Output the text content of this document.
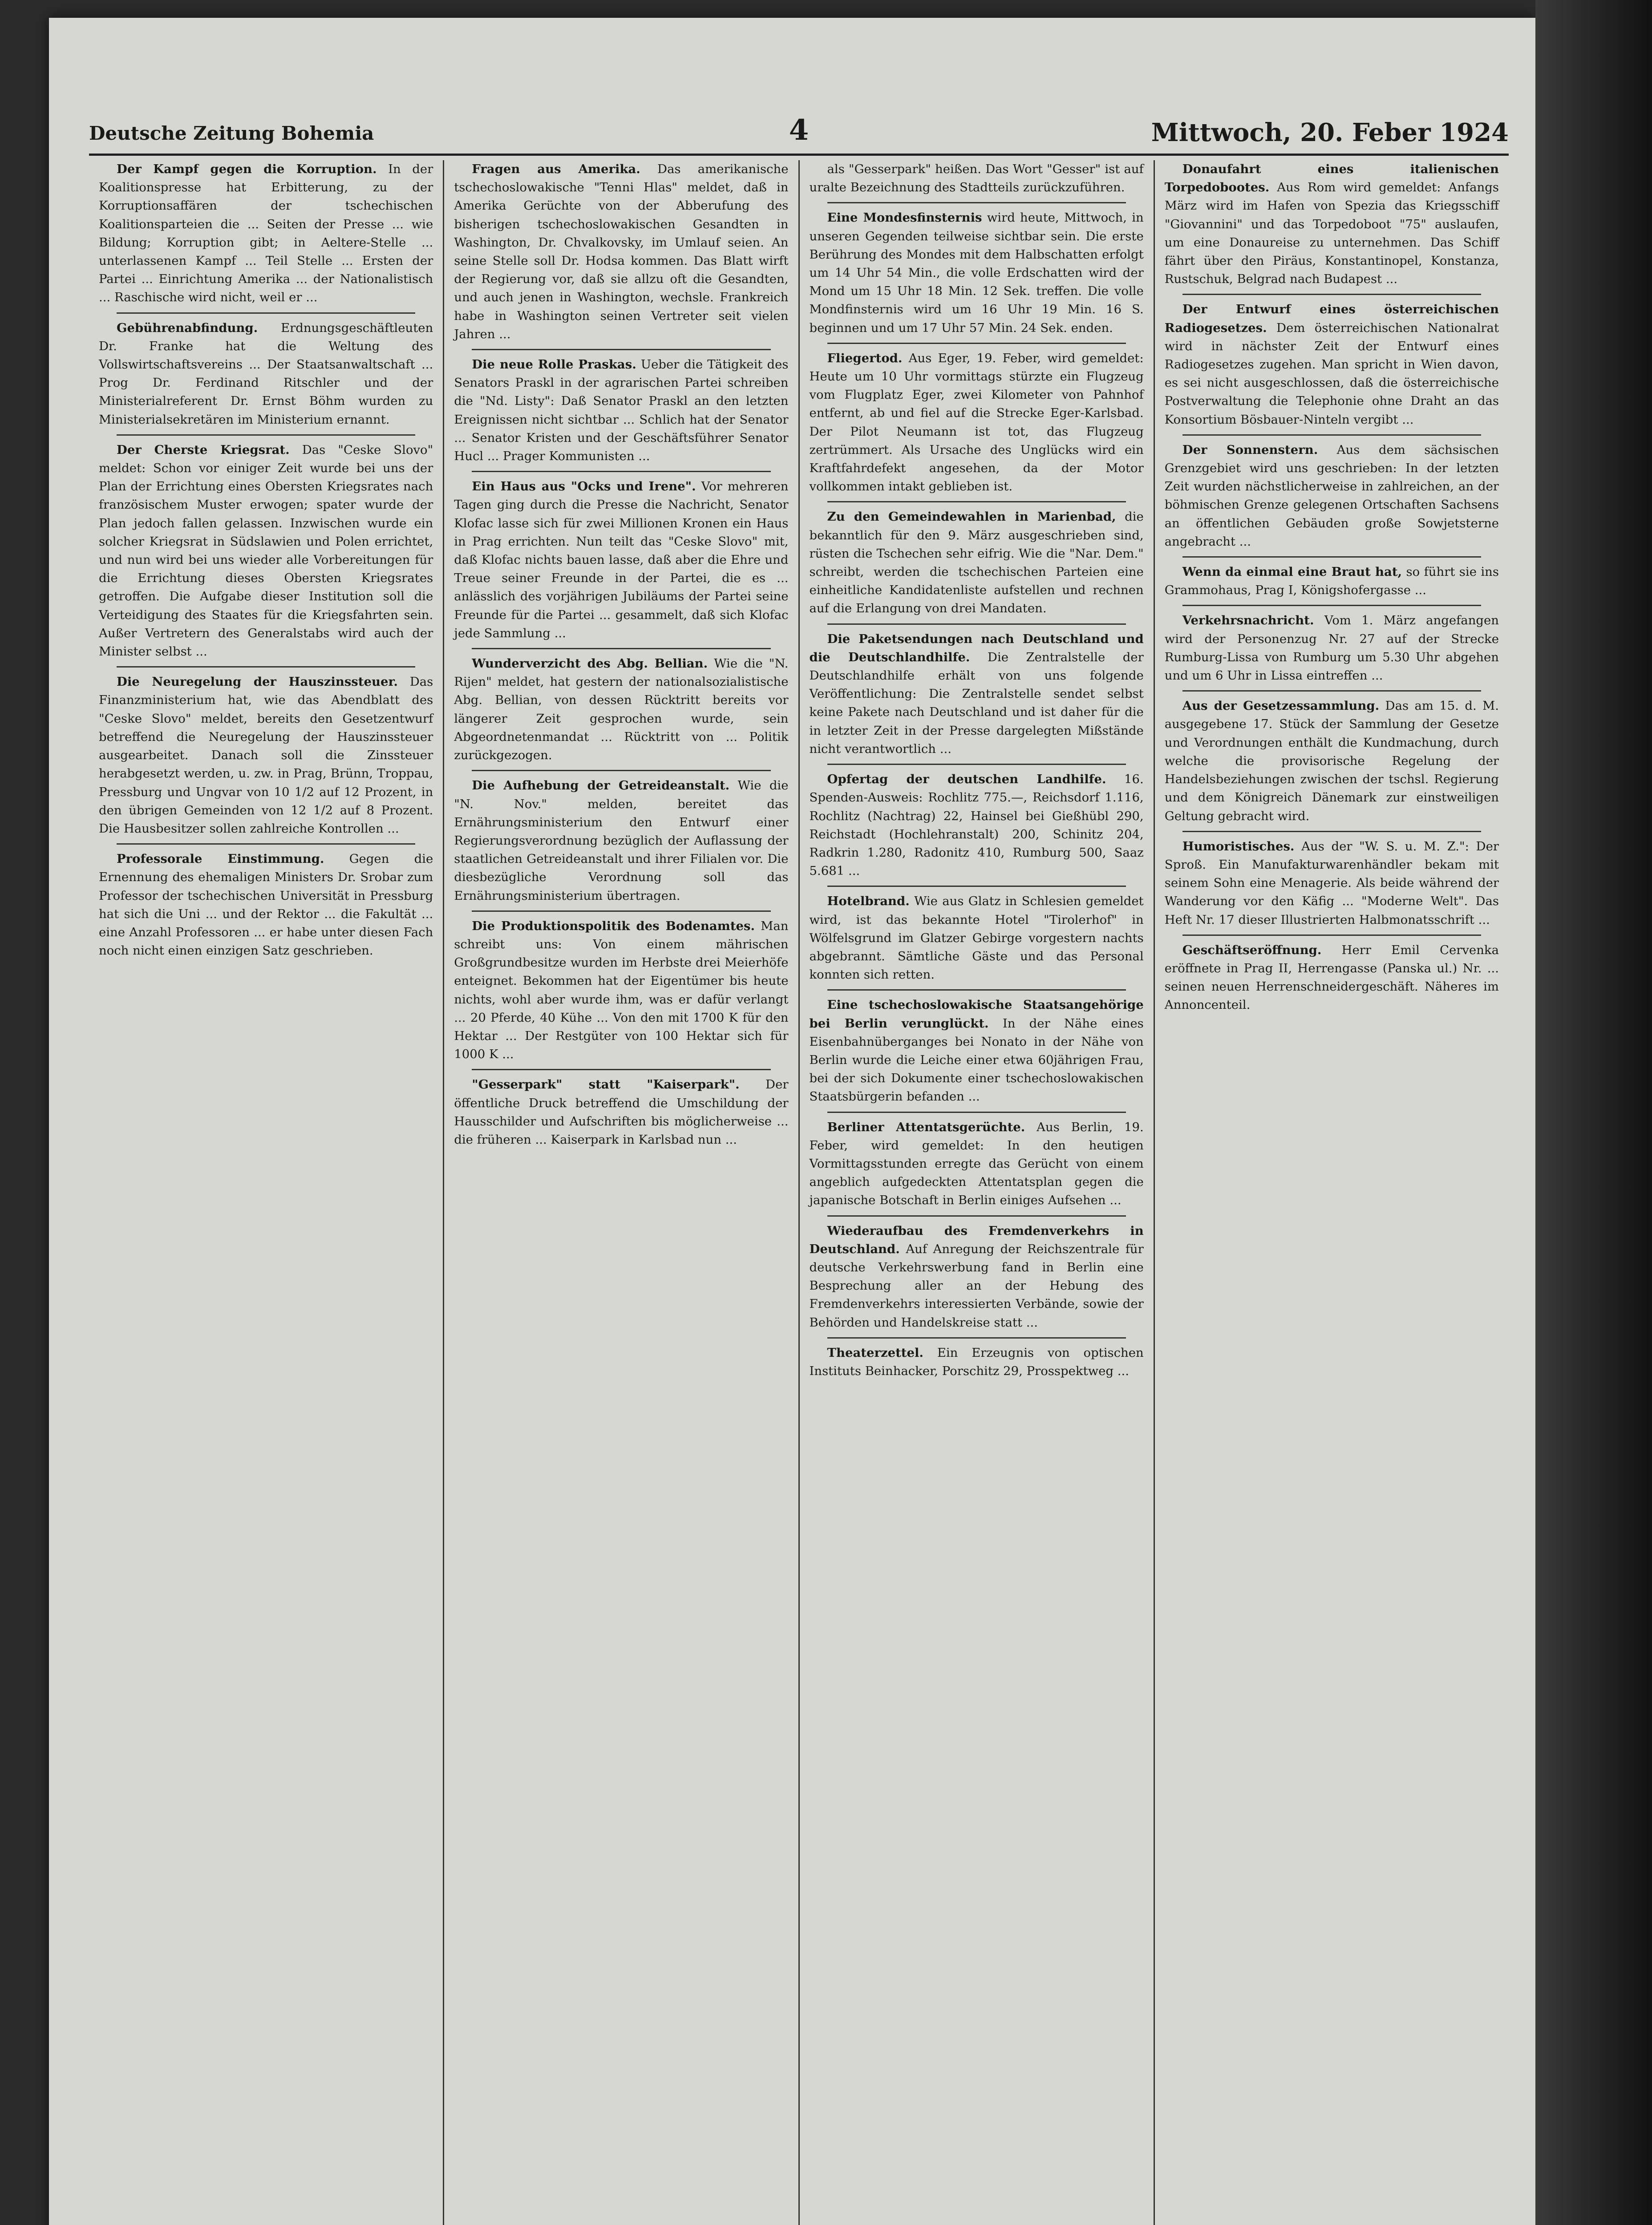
Deutsche Zeitung Bohemia	4	Mittwoch, 20. Feber 1924

Der Kampf gegen die Korruption. In der Koalitionspresse hat Erbitterung, zu der Korruptionsaffären der tschechischen Koalitionsparteien die ... Seiten der Presse ... wie Bildung; Korruption gibt; in Aeltere-Stelle ... unterlassenen Kampf ... Teil Stelle ... Ersten der Partei ... Einrichtung Amerika ... der Nationalistisch ... Raschische wird nicht, weil er ...

Gebührenabfindung. Erdnungsgeschäftleuten Dr. Franke hat die Weltung des Vollswirtschaftsvereins ... Der Staatsanwaltschaft ... Prog Dr. Ferdinand Ritschler und der Ministerialreferent Dr. Ernst Böhm wurden zu Ministerialsekretären im Ministerium ernannt.

Der Cherste Kriegsrat. Das "Ceske Slovo" meldet: Schon vor einiger Zeit wurde bei uns der Plan der Errichtung eines Obersten Kriegsrates nach französischem Muster erwogen; spater wurde der Plan jedoch fallen gelassen. Inzwischen wurde ein solcher Kriegsrat in Südslawien und Polen errichtet, und nun wird bei uns wieder alle Vorbereitungen für die Errichtung dieses Obersten Kriegsrates getroffen. Die Aufgabe dieser Institution soll die Verteidigung des Staates für die Kriegsfahrten sein. Außer Vertretern des Generalstabs wird auch der Minister selbst ...

Die Neuregelung der Hauszinssteuer. Das Finanzministerium hat, wie das Abendblatt des "Ceske Slovo" meldet, bereits den Gesetzentwurf betreffend die Neuregelung der Hauszinssteuer ausgearbeitet. Danach soll die Zinssteuer herabgesetzt werden, u. zw. in Prag, Brünn, Troppau, Pressburg und Ungvar von 10 1/2 auf 12 Prozent, in den übrigen Gemeinden von 12 1/2 auf 8 Prozent. Die Hausbesitzer sollen zahlreiche Kontrollen ...

Professorale Einstimmung. Gegen die Ernennung des ehemaligen Ministers Dr. Srobar zum Professor der tschechischen Universität in Pressburg hat sich die Uni ... und der Rektor ... die Fakultät ... eine Anzahl Professoren ... er habe unter diesen Fach noch nicht einen einzigen Satz geschrieben.

Fragen aus Amerika. Das amerikanische tschechoslowakische "Tenni Hlas" meldet, daß in Amerika Gerüchte von der Abberufung des bisherigen tschechoslowakischen Gesandten in Washington, Dr. Chvalkovsky, im Umlauf seien. An seine Stelle soll Dr. Hodsa kommen. Das Blatt wirft der Regierung vor, daß sie allzu oft die Gesandten, und auch jenen in Washington, wechsle. Frankreich habe in Washington seinen Vertreter seit vielen Jahren ...

Die neue Rolle Praskas. Ueber die Tätigkeit des Senators Praskl in der agrarischen Partei schreiben die "Nd. Listy": Daß Senator Praskl an den letzten Ereignissen nicht sichtbar ... Schlich hat der Senator ... Senator Kristen und der Geschäftsführer Senator Hucl ... Prager Kommunisten ...

Ein Haus aus "Ocks und Irene". Vor mehreren Tagen ging durch die Presse die Nachricht, Senator Klofac lasse sich für zwei Millionen Kronen ein Haus in Prag errichten. Nun teilt das "Ceske Slovo" mit, daß Klofac nichts bauen lasse, daß aber die Ehre und Treue seiner Freunde in der Partei, die es ... anlässlich des vorjährigen Jubiläums der Partei seine Freunde für die Partei ... gesammelt, daß sich Klofac jede Sammlung ...

Wunderverzicht des Abg. Bellian. Wie die "N. Rijen" meldet, hat gestern der nationalsozialistische Abg. Bellian, von dessen Rücktritt bereits vor längerer Zeit gesprochen wurde, sein Abgeordnetenmandat ... Rücktritt von ... Politik zurückgezogen.

Die Aufhebung der Getreideanstalt. Wie die "N. Nov." melden, bereitet das Ernährungsministerium den Entwurf einer Regierungsverordnung bezüglich der Auflassung der staatlichen Getreideanstalt und ihrer Filialen vor. Die diesbezügliche Verordnung soll das Ernährungsministerium übertragen.

Die Produktionspolitik des Bodenamtes. Man schreibt uns: Von einem mährischen Großgrundbesitze wurden im Herbste drei Meierhöfe enteignet. Bekommen hat der Eigentümer bis heute nichts, wohl aber wurde ihm, was er dafür verlangt ... 20 Pferde, 40 Kühe ... Von den mit 1700 K für den Hektar ... Der Restgüter von 100 Hektar sich für 1000 K ...

"Gesserpark" statt "Kaiserpark". Der öffentliche Druck betreffend die Umschildung der Hausschilder und Aufschriften bis möglicherweise ... die früheren ... Kaiserpark in Karlsbad nun ...

als "Gesserpark" heißen. Das Wort "Gesser" ist auf uralte Bezeichnung des Stadtteils zurückzuführen.

Eine Mondesfinsternis wird heute, Mittwoch, in unseren Gegenden teilweise sichtbar sein. Die erste Berührung des Mondes mit dem Halbschatten erfolgt um 14 Uhr 54 Min., die volle Erdschatten wird der Mond um 15 Uhr 18 Min. 12 Sek. treffen. Die volle Mondfinsternis wird um 16 Uhr 19 Min. 16 S. beginnen und um 17 Uhr 57 Min. 24 Sek. enden.

Fliegertod. Aus Eger, 19. Feber, wird gemeldet: Heute um 10 Uhr vormittags stürzte ein Flugzeug vom Flugplatz Eger, zwei Kilometer von Pahnhof entfernt, ab und fiel auf die Strecke Eger-Karlsbad. Der Pilot Neumann ist tot, das Flugzeug zertrümmert. Als Ursache des Unglücks wird ein Kraftfahrdefekt angesehen, da der Motor vollkommen intakt geblieben ist.

Zu den Gemeindewahlen in Marienbad, die bekanntlich für den 9. März ausgeschrieben sind, rüsten die Tschechen sehr eifrig. Wie die "Nar. Dem." schreibt, werden die tschechischen Parteien eine einheitliche Kandidatenliste aufstellen und rechnen auf die Erlangung von drei Mandaten.

Die Paketsendungen nach Deutschland und die Deutschlandhilfe. Die Zentralstelle der Deutschlandhilfe erhält von uns folgende Veröffentlichung: Die Zentralstelle sendet selbst keine Pakete nach Deutschland und ist daher für die in letzter Zeit in der Presse dargelegten Mißstände nicht verantwortlich ...

Opfertag der deutschen Landhilfe. 16. Spenden-Ausweis: Rochlitz 775.—, Reichsdorf 1.116, Rochlitz (Nachtrag) 22, Hainsel bei Gießhübl 290, Reichstadt (Hochlehranstalt) 200, Schinitz 204, Radkrin 1.280, Radonitz 410, Rumburg 500, Saaz 5.681 ...

Hotelbrand. Wie aus Glatz in Schlesien gemeldet wird, ist das bekannte Hotel "Tirolerhof" in Wölfelsgrund im Glatzer Gebirge vorgestern nachts abgebrannt. Sämtliche Gäste und das Personal konnten sich retten.

Eine tschechoslowakische Staatsangehörige bei Berlin verunglückt. In der Nähe eines Eisenbahnüberganges bei Nonato in der Nähe von Berlin wurde die Leiche einer etwa 60jährigen Frau, bei der sich Dokumente einer tschechoslowakischen Staatsbürgerin befanden ...

Berliner Attentatsgerüchte. Aus Berlin, 19. Feber, wird gemeldet: In den heutigen Vormittagsstunden erregte das Gerücht von einem angeblich aufgedeckten Attentatsplan gegen die japanische Botschaft in Berlin einiges Aufsehen ...

Wiederaufbau des Fremdenverkehrs in Deutschland. Auf Anregung der Reichszentrale für deutsche Verkehrswerbung fand in Berlin eine Besprechung aller an der Hebung des Fremdenverkehrs interessierten Verbände, sowie der Behörden und Handelskreise statt ...

Theaterzettel. Ein Erzeugnis von optischen Instituts Beinhacker, Porschitz 29, Prosspektweg ...

Donaufahrt eines italienischen Torpedobootes. Aus Rom wird gemeldet: Anfangs März wird im Hafen von Spezia das Kriegsschiff "Giovannini" und das Torpedoboot "75" auslaufen, um eine Donaureise zu unternehmen. Das Schiff fährt über den Piräus, Konstantinopel, Konstanza, Rustschuk, Belgrad nach Budapest ...

Der Entwurf eines österreichischen Radiogesetzes. Dem österreichischen Nationalrat wird in nächster Zeit der Entwurf eines Radiogesetzes zugehen. Man spricht in Wien davon, es sei nicht ausgeschlossen, daß die österreichische Postverwaltung die Telephonie ohne Draht an das Konsortium Bösbauer-Ninteln vergibt ...

Der Sonnenstern. Aus dem sächsischen Grenzgebiet wird uns geschrieben: In der letzten Zeit wurden nächstlicherweise in zahlreichen, an der böhmischen Grenze gelegenen Ortschaften Sachsens an öffentlichen Gebäuden große Sowjetsterne angebracht ...

Wenn da einmal eine Braut hat, so führt sie ins Grammohaus, Prag I, Königshofergasse ...

Verkehrsnachricht. Vom 1. März angefangen wird der Personenzug Nr. 27 auf der Strecke Rumburg-Lissa von Rumburg um 5.30 Uhr abgehen und um 6 Uhr in Lissa eintreffen ...

Aus der Gesetzessammlung. Das am 15. d. M. ausgegebene 17. Stück der Sammlung der Gesetze und Verordnungen enthält die Kundmachung, durch welche die provisorische Regelung der Handelsbeziehungen zwischen der tschsl. Regierung und dem Königreich Dänemark zur einstweiligen Geltung gebracht wird.

Humoristisches. Aus der "W. S. u. M. Z.": Der Sproß. Ein Manufakturwarenhändler bekam mit seinem Sohn eine Menagerie. Als beide während der Wanderung vor den Käfig ... "Moderne Welt". Das Heft Nr. 17 dieser Illustrierten Halbmonatsschrift ...

Geschäftseröffnung. Herr Emil Cervenka eröffnete in Prag II, Herrengasse (Panska ul.) Nr. ... seinen neuen Herrenschneidergeschäft. Näheres im Annoncenteil.
